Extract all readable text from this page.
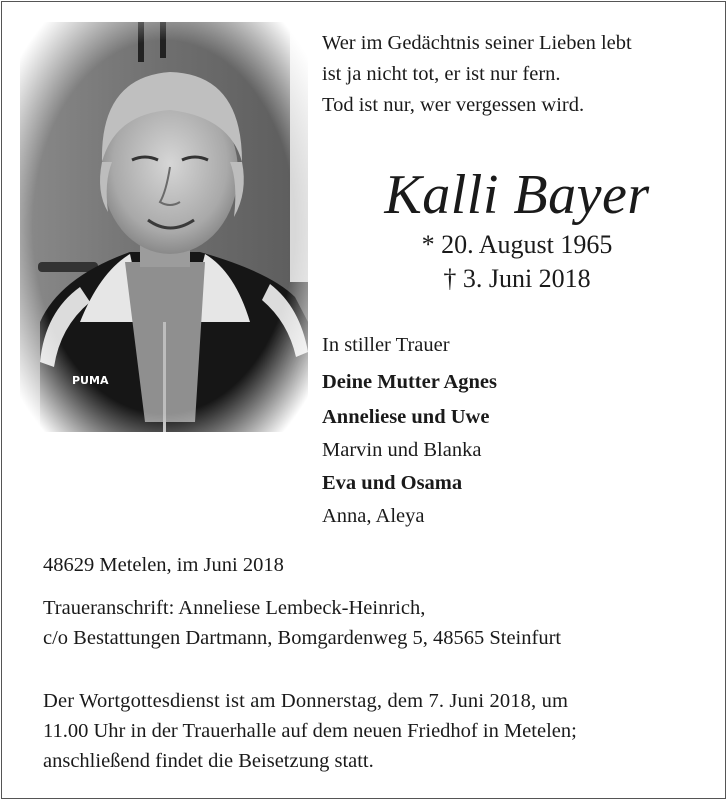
Wer im Gedächtnis seiner Lieben lebt
ist ja nicht tot, er ist nur fern.
Tod ist nur, wer vergessen wird.

Kalli Bayer
* 20. August 1965
† 3. Juni 2018
In stiller Trauer
Deine Mutter Agnes
Anneliese und Uwe
Marvin und Blanka
Eva und Osama
Anna, Aleya
48629 Metelen, im Juni 2018
Traueranschrift: Anneliese Lembeck-Heinrich,
c/o Bestattungen Dartmann, Bomgardenweg 5, 48565 Steinfurt
Der Wortgottesdienst ist am Donnerstag, dem 7. Juni 2018, um
11.00 Uhr in der Trauerhalle auf dem neuen Friedhof in Metelen;
anschließend findet die Beisetzung statt.
